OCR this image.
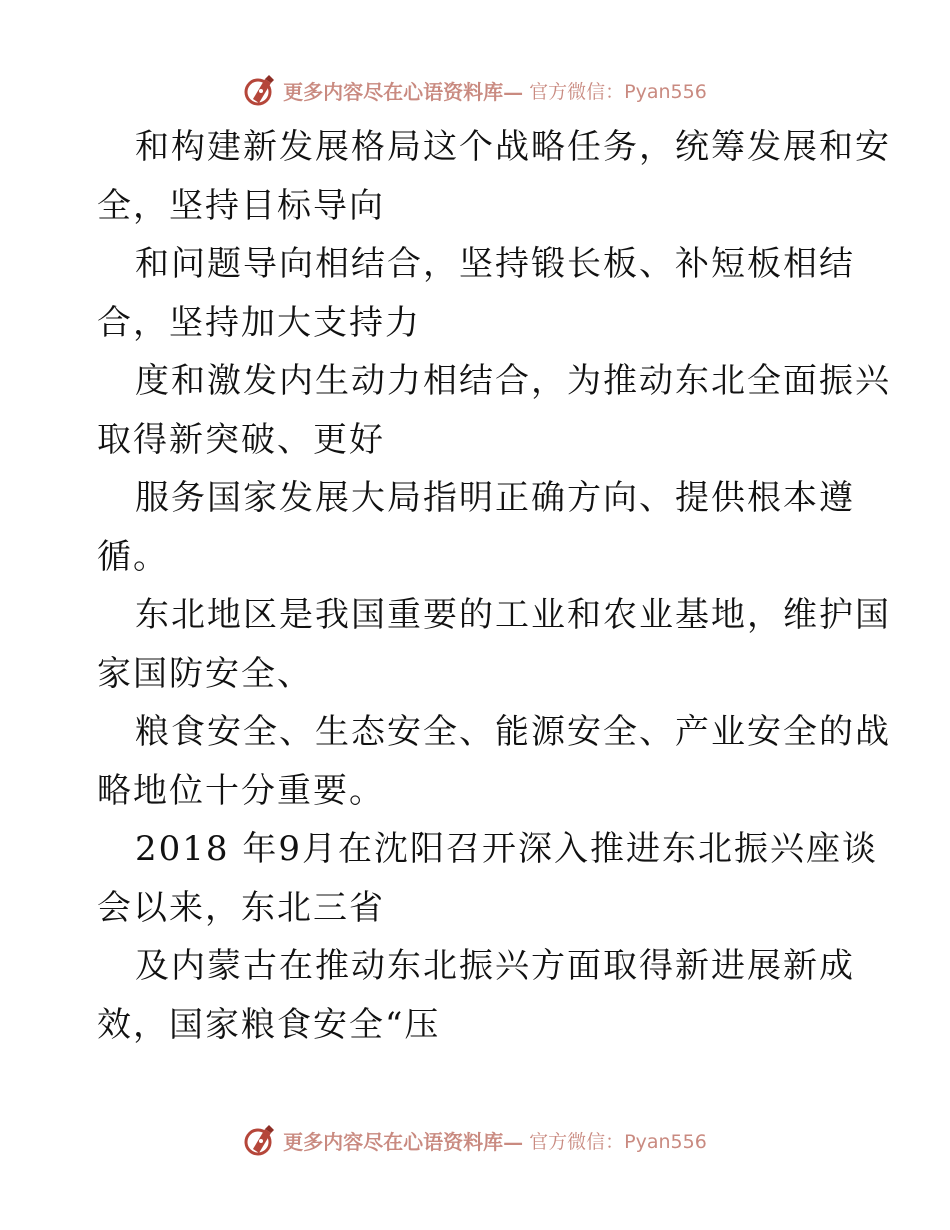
更多内容尽在心语资料库— 官方微信：Pyan556
和构建新发展格局这个战略任务，统筹发展和安
全，坚持目标导向
和问题导向相结合，坚持锻长板、补短板相结
合，坚持加大支持力
度和激发内生动力相结合，为推动东北全面振兴
取得新突破、更好
服务国家发展大局指明正确方向、提供根本遵
循。
东北地区是我国重要的工业和农业基地，维护国
家国防安全、
粮食安全、生态安全、能源安全、产业安全的战
略地位十分重要。
2018 年9月在沈阳召开深入推进东北振兴座谈
会以来，东北三省
及内蒙古在推动东北振兴方面取得新进展新成
效，国家粮食安全“压
更多内容尽在心语资料库— 官方微信：Pyan556
